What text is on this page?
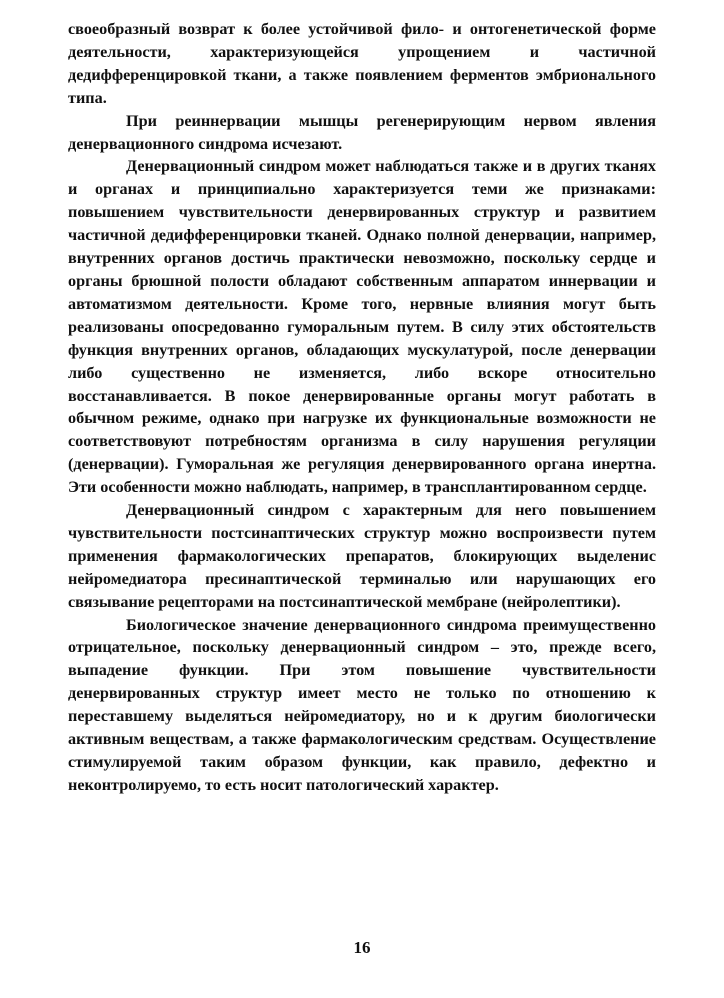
своеобразный возврат к более устойчивой фило- и онтогенетической форме деятельности, характеризующейся упрощением и частичной дедифференцировкой ткани, а также появлением ферментов эмбрионального типа.

При реиннервации мышцы регенерирующим нервом явления денервационного синдрома исчезают.

Денервационный синдром может наблюдаться также и в других тканях и органах и принципиально характеризуется теми же признаками: повышением чувствительности денервированных структур и развитием частичной дедифференцировки тканей. Однако полной денервации, например, внутренних органов достичь практически невозможно, поскольку сердце и органы брюшной полости обладают собственным аппаратом иннервации и автоматизмом деятельности. Кроме того, нервные влияния могут быть реализованы опосредованно гуморальным путем. В силу этих обстоятельств функция внутренних органов, обладающих мускулатурой, после денервации либо существенно не изменяется, либо вскоре относительно восстанавливается. В покое денервированные органы могут работать в обычном режиме, однако при нагрузке их функциональные возможности не соответствовуют потребностям организма в силу нарушения регуляции (денервации). Гуморальная же регуляция денервированного органа инертна. Эти особенности можно наблюдать, например, в трансплантированном сердце.

Денервационный синдром с характерным для него повышением чувствительности постсинаптических структур можно воспроизвести путем применения фармакологических препаратов, блокирующих выделенис нейромедиатора пресинаптической терминалью или нарушающих его связывание рецепторами на постсинаптической мембране (нейролептики).

Биологическое значение денервационного синдрома преимущественно отрицательное, поскольку денервационный синдром – это, прежде всего, выпадение функции. При этом повышение чувствительности денервированных структур имеет место не только по отношению к переставшему выделяться нейромедиатору, но и к другим биологически активным веществам, а также фармакологическим средствам. Осуществление стимулируемой таким образом функции, как правило, дефектно и неконтролируемо, то есть носит патологический характер.

16
